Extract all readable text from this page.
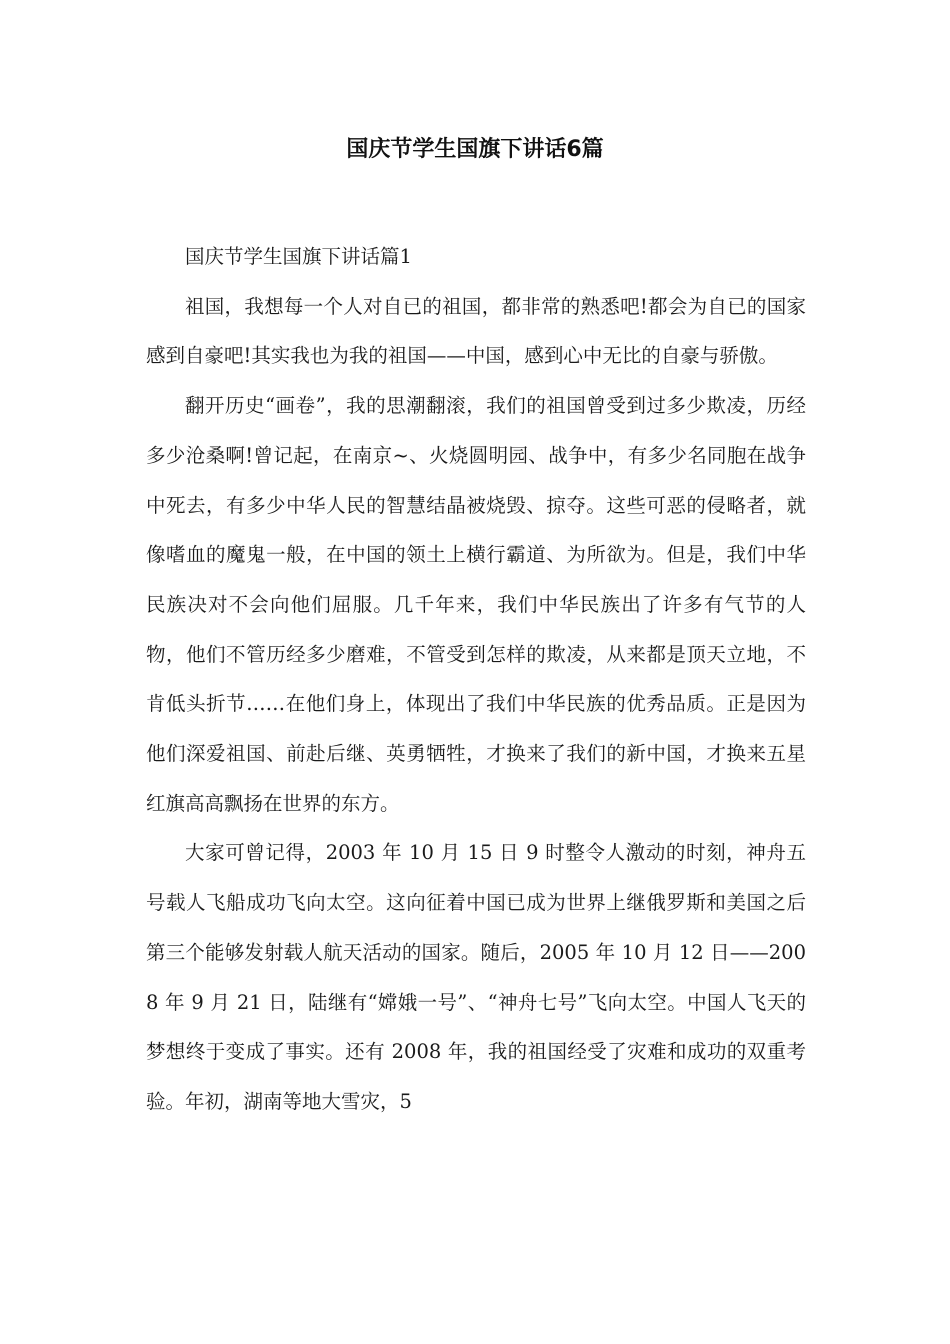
国庆节学生国旗下讲话6篇

国庆节学生国旗下讲话篇1

祖国，我想每一个人对自已的祖国，都非常的熟悉吧!都会为自已的国家感到自豪吧!其实我也为我的祖国——中国，感到心中无比的自豪与骄傲。

翻开历史“画卷”，我的思潮翻滚，我们的祖国曾受到过多少欺凌，历经多少沧桑啊!曾记起，在南京~、火烧圆明园、战争中，有多少名同胞在战争中死去，有多少中华人民的智慧结晶被烧毁、掠夺。这些可恶的侵略者，就像嗜血的魔鬼一般，在中国的领土上横行霸道、为所欲为。但是，我们中华民族决对不会向他们屈服。几千年来，我们中华民族出了许多有气节的人物，他们不管历经多少磨难，不管受到怎样的欺凌，从来都是顶天立地，不肯低头折节……在他们身上，体现出了我们中华民族的优秀品质。正是因为他们深爱祖国、前赴后继、英勇牺牲，才换来了我们的新中国，才换来五星红旗高高飘扬在世界的东方。

大家可曾记得，2003 年 10 月 15 日 9 时整令人激动的时刻，神舟五号载人飞船成功飞向太空。这向征着中国已成为世界上继俄罗斯和美国之后第三个能够发射载人航天活动的国家。随后，2005 年 10 月 12 日——2008 年 9 月 21 日，陆继有“嫦娥一号”、“神舟七号”飞向太空。中国人飞天的梦想终于变成了事实。还有 2008 年，我的祖国经受了灾难和成功的双重考验。年初，湖南等地大雪灾，5
